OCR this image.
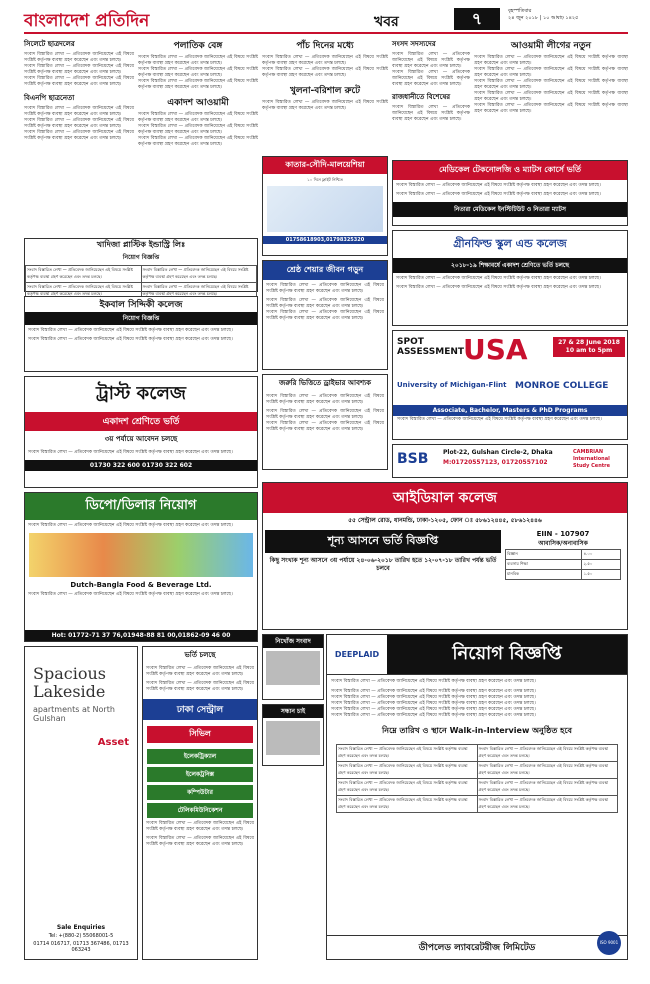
বাংলাদেশ প্রতিদিন	খবর	৭	বৃহস্পতিবার
২৪ জুন ২০১৮ | ১০ আষাঢ় ১৪২৫
সিলেটে ছাত্রদলের
সংবাদ বিস্তারিত লেখা — প্রতিবেদক জানিয়েছেন এই বিষয়ে সংশ্লিষ্ট কর্তৃপক্ষ ব্যবস্থা গ্রহণ করেছেন এবং তদন্ত চলছে।
সংবাদ বিস্তারিত লেখা — প্রতিবেদক জানিয়েছেন এই বিষয়ে সংশ্লিষ্ট কর্তৃপক্ষ ব্যবস্থা গ্রহণ করেছেন এবং তদন্ত চলছে।
সংবাদ বিস্তারিত লেখা — প্রতিবেদক জানিয়েছেন এই বিষয়ে সংশ্লিষ্ট কর্তৃপক্ষ ব্যবস্থা গ্রহণ করেছেন এবং তদন্ত চলছে।
বিএনপি ছাত্রনেতা
সংবাদ বিস্তারিত লেখা — প্রতিবেদক জানিয়েছেন এই বিষয়ে সংশ্লিষ্ট কর্তৃপক্ষ ব্যবস্থা গ্রহণ করেছেন এবং তদন্ত চলছে।
সংবাদ বিস্তারিত লেখা — প্রতিবেদক জানিয়েছেন এই বিষয়ে সংশ্লিষ্ট কর্তৃপক্ষ ব্যবস্থা গ্রহণ করেছেন এবং তদন্ত চলছে।
সংবাদ বিস্তারিত লেখা — প্রতিবেদক জানিয়েছেন এই বিষয়ে সংশ্লিষ্ট কর্তৃপক্ষ ব্যবস্থা গ্রহণ করেছেন এবং তদন্ত চলছে।
পলাতিক বেঙ্গ
সংবাদ বিস্তারিত লেখা — প্রতিবেদক জানিয়েছেন এই বিষয়ে সংশ্লিষ্ট কর্তৃপক্ষ ব্যবস্থা গ্রহণ করেছেন এবং তদন্ত চলছে।
সংবাদ বিস্তারিত লেখা — প্রতিবেদক জানিয়েছেন এই বিষয়ে সংশ্লিষ্ট কর্তৃপক্ষ ব্যবস্থা গ্রহণ করেছেন এবং তদন্ত চলছে।
সংবাদ বিস্তারিত লেখা — প্রতিবেদক জানিয়েছেন এই বিষয়ে সংশ্লিষ্ট কর্তৃপক্ষ ব্যবস্থা গ্রহণ করেছেন এবং তদন্ত চলছে।
একাদশ আওয়ামী
সংবাদ বিস্তারিত লেখা — প্রতিবেদক জানিয়েছেন এই বিষয়ে সংশ্লিষ্ট কর্তৃপক্ষ ব্যবস্থা গ্রহণ করেছেন এবং তদন্ত চলছে।
সংবাদ বিস্তারিত লেখা — প্রতিবেদক জানিয়েছেন এই বিষয়ে সংশ্লিষ্ট কর্তৃপক্ষ ব্যবস্থা গ্রহণ করেছেন এবং তদন্ত চলছে।
সংবাদ বিস্তারিত লেখা — প্রতিবেদক জানিয়েছেন এই বিষয়ে সংশ্লিষ্ট কর্তৃপক্ষ ব্যবস্থা গ্রহণ করেছেন এবং তদন্ত চলছে।
পাঁচ দিনের মধ্যে
সংবাদ বিস্তারিত লেখা — প্রতিবেদক জানিয়েছেন এই বিষয়ে সংশ্লিষ্ট কর্তৃপক্ষ ব্যবস্থা গ্রহণ করেছেন এবং তদন্ত চলছে।
সংবাদ বিস্তারিত লেখা — প্রতিবেদক জানিয়েছেন এই বিষয়ে সংশ্লিষ্ট কর্তৃপক্ষ ব্যবস্থা গ্রহণ করেছেন এবং তদন্ত চলছে।
খুলনা-বরিশাল রুটে
সংবাদ বিস্তারিত লেখা — প্রতিবেদক জানিয়েছেন এই বিষয়ে সংশ্লিষ্ট কর্তৃপক্ষ ব্যবস্থা গ্রহণ করেছেন এবং তদন্ত চলছে।
সংসদ সদস্যদের
সংবাদ বিস্তারিত লেখা — প্রতিবেদক জানিয়েছেন এই বিষয়ে সংশ্লিষ্ট কর্তৃপক্ষ ব্যবস্থা গ্রহণ করেছেন এবং তদন্ত চলছে।
সংবাদ বিস্তারিত লেখা — প্রতিবেদক জানিয়েছেন এই বিষয়ে সংশ্লিষ্ট কর্তৃপক্ষ ব্যবস্থা গ্রহণ করেছেন এবং তদন্ত চলছে।
রাজধানীতে বিশেষের
সংবাদ বিস্তারিত লেখা — প্রতিবেদক জানিয়েছেন এই বিষয়ে সংশ্লিষ্ট কর্তৃপক্ষ ব্যবস্থা গ্রহণ করেছেন এবং তদন্ত চলছে।
আওয়ামী লীগের নতুন
সংবাদ বিস্তারিত লেখা — প্রতিবেদক জানিয়েছেন এই বিষয়ে সংশ্লিষ্ট কর্তৃপক্ষ ব্যবস্থা গ্রহণ করেছেন এবং তদন্ত চলছে।
সংবাদ বিস্তারিত লেখা — প্রতিবেদক জানিয়েছেন এই বিষয়ে সংশ্লিষ্ট কর্তৃপক্ষ ব্যবস্থা গ্রহণ করেছেন এবং তদন্ত চলছে।
সংবাদ বিস্তারিত লেখা — প্রতিবেদক জানিয়েছেন এই বিষয়ে সংশ্লিষ্ট কর্তৃপক্ষ ব্যবস্থা গ্রহণ করেছেন এবং তদন্ত চলছে।
সংবাদ বিস্তারিত লেখা — প্রতিবেদক জানিয়েছেন এই বিষয়ে সংশ্লিষ্ট কর্তৃপক্ষ ব্যবস্থা গ্রহণ করেছেন এবং তদন্ত চলছে।
সংবাদ বিস্তারিত লেখা — প্রতিবেদক জানিয়েছেন এই বিষয়ে সংশ্লিষ্ট কর্তৃপক্ষ ব্যবস্থা গ্রহণ করেছেন এবং তদন্ত চলছে।
কাতার-সৌদি-মালয়েশিয়া
১০ দিনে ফ্লাইট নিশ্চিত
01758618903,01798325320
মেডিকেল টেকনোলজি ও ম্যাটস কোর্সে ভর্তি
সংবাদ বিস্তারিত লেখা — প্রতিবেদক জানিয়েছেন এই বিষয়ে সংশ্লিষ্ট কর্তৃপক্ষ ব্যবস্থা গ্রহণ করেছেন এবং তদন্ত চলছে।
সংবাদ বিস্তারিত লেখা — প্রতিবেদক জানিয়েছেন এই বিষয়ে সংশ্লিষ্ট কর্তৃপক্ষ ব্যবস্থা গ্রহণ করেছেন এবং তদন্ত চলছে।
নিতারা মেডিকেল ইনস্টিটিউট ও নিতারা ম্যাটস
খাদিজা প্লাস্টিক ইন্ডাস্ট্রি লিঃ
নিয়োগ বিজ্ঞপ্তি
সংবাদ বিস্তারিত লেখা — প্রতিবেদক জানিয়েছেন এই বিষয়ে সংশ্লিষ্ট কর্তৃপক্ষ ব্যবস্থা গ্রহণ করেছেন এবং তদন্ত চলছে।	সংবাদ বিস্তারিত লেখা — প্রতিবেদক জানিয়েছেন এই বিষয়ে সংশ্লিষ্ট কর্তৃপক্ষ ব্যবস্থা গ্রহণ করেছেন এবং তদন্ত চলছে।
সংবাদ বিস্তারিত লেখা — প্রতিবেদক জানিয়েছেন এই বিষয়ে সংশ্লিষ্ট কর্তৃপক্ষ ব্যবস্থা গ্রহণ করেছেন এবং তদন্ত চলছে।	সংবাদ বিস্তারিত লেখা — প্রতিবেদক জানিয়েছেন এই বিষয়ে সংশ্লিষ্ট কর্তৃপক্ষ ব্যবস্থা গ্রহণ করেছেন এবং তদন্ত চলছে।
শ্রেষ্ঠ শেয়ার জীবন গড়ুন
সংবাদ বিস্তারিত লেখা — প্রতিবেদক জানিয়েছেন এই বিষয়ে সংশ্লিষ্ট কর্তৃপক্ষ ব্যবস্থা গ্রহণ করেছেন এবং তদন্ত চলছে।
সংবাদ বিস্তারিত লেখা — প্রতিবেদক জানিয়েছেন এই বিষয়ে সংশ্লিষ্ট কর্তৃপক্ষ ব্যবস্থা গ্রহণ করেছেন এবং তদন্ত চলছে।
সংবাদ বিস্তারিত লেখা — প্রতিবেদক জানিয়েছেন এই বিষয়ে সংশ্লিষ্ট কর্তৃপক্ষ ব্যবস্থা গ্রহণ করেছেন এবং তদন্ত চলছে।
গ্রীনফিল্ড স্কুল এন্ড কলেজ
২০১৮-১৯ শিক্ষাবর্ষে একাদশ শ্রেণিতে ভর্তি চলছে
সংবাদ বিস্তারিত লেখা — প্রতিবেদক জানিয়েছেন এই বিষয়ে সংশ্লিষ্ট কর্তৃপক্ষ ব্যবস্থা গ্রহণ করেছেন এবং তদন্ত চলছে।
সংবাদ বিস্তারিত লেখা — প্রতিবেদক জানিয়েছেন এই বিষয়ে সংশ্লিষ্ট কর্তৃপক্ষ ব্যবস্থা গ্রহণ করেছেন এবং তদন্ত চলছে।
ইকবাল সিদ্দিকী কলেজ
নিয়োগ বিজ্ঞপ্তি
সংবাদ বিস্তারিত লেখা — প্রতিবেদক জানিয়েছেন এই বিষয়ে সংশ্লিষ্ট কর্তৃপক্ষ ব্যবস্থা গ্রহণ করেছেন এবং তদন্ত চলছে।
সংবাদ বিস্তারিত লেখা — প্রতিবেদক জানিয়েছেন এই বিষয়ে সংশ্লিষ্ট কর্তৃপক্ষ ব্যবস্থা গ্রহণ করেছেন এবং তদন্ত চলছে।	SPOT ASSESSMENT
USA	27 & 28 June 2018
10 am to 5pm
University of Michigan-Flint MONROE COLLEGE
Associate, Bachelor, Masters & PhD Programs
সংবাদ বিস্তারিত লেখা — প্রতিবেদক জানিয়েছেন এই বিষয়ে সংশ্লিষ্ট কর্তৃপক্ষ ব্যবস্থা গ্রহণ করেছেন এবং তদন্ত চলছে।
জরুরি ভিত্তিতে ড্রাইভার আবশ্যক
সংবাদ বিস্তারিত লেখা — প্রতিবেদক জানিয়েছেন এই বিষয়ে সংশ্লিষ্ট কর্তৃপক্ষ ব্যবস্থা গ্রহণ করেছেন এবং তদন্ত চলছে।
সংবাদ বিস্তারিত লেখা — প্রতিবেদক জানিয়েছেন এই বিষয়ে সংশ্লিষ্ট কর্তৃপক্ষ ব্যবস্থা গ্রহণ করেছেন এবং তদন্ত চলছে।
সংবাদ বিস্তারিত লেখা — প্রতিবেদক জানিয়েছেন এই বিষয়ে সংশ্লিষ্ট কর্তৃপক্ষ ব্যবস্থা গ্রহণ করেছেন এবং তদন্ত চলছে।
BSB Plot-22, Gulshan Circle-2, Dhaka
M:01720557123, 01720557102
CAMBRIAN International Study Centre
ট্রাস্ট কলেজ
একাদশ শ্রেণিতে ভর্তি
৩য় পর্যায়ে আবেদন চলছে
সংবাদ বিস্তারিত লেখা — প্রতিবেদক জানিয়েছেন এই বিষয়ে সংশ্লিষ্ট কর্তৃপক্ষ ব্যবস্থা গ্রহণ করেছেন এবং তদন্ত চলছে।
01730 322 600 01730 322 602
আইডিয়াল কলেজ
৫৫ সেন্ট্রাল রোড, ধানমন্ডি, ঢাকা-১২০৫, ফোন ঃ ৫৮৬১২৪৪৫, ৫৮৬১২৪৪৬
শূন্য আসনে ভর্তি বিজ্ঞপ্তি
কিছু সংখ্যক শূন্য আসনে ৩য় পর্যায়ে ২৪-০৬-২০১৮ তারিখ হতে ১২-০৭-১৮ তারিখ পর্যন্ত ভর্তি চলবে
EIIN - 107907
আবাসিক/অনাবাসিক
বিজ্ঞান	৪.০০
ব্যবসায় শিক্ষা	২.৫০
মানবিক	১.৫০
ডিপো/ডিলার নিয়োগ
সংবাদ বিস্তারিত লেখা — প্রতিবেদক জানিয়েছেন এই বিষয়ে সংশ্লিষ্ট কর্তৃপক্ষ ব্যবস্থা গ্রহণ করেছেন এবং তদন্ত চলছে।
Dutch-Bangla Food & Beverage Ltd.
সংবাদ বিস্তারিত লেখা — প্রতিবেদক জানিয়েছেন এই বিষয়ে সংশ্লিষ্ট কর্তৃপক্ষ ব্যবস্থা গ্রহণ করেছেন এবং তদন্ত চলছে।
Hot: 01772-71 37 76,01948-88 81 00,01862-09 46 00
নিখোঁজ সংবাদ
সন্ধান চাই
DEEPLAID	নিয়োগ বিজ্ঞপ্তি
সংবাদ বিস্তারিত লেখা — প্রতিবেদক জানিয়েছেন এই বিষয়ে সংশ্লিষ্ট কর্তৃপক্ষ ব্যবস্থা গ্রহণ করেছেন এবং তদন্ত চলছে।
সংবাদ বিস্তারিত লেখা — প্রতিবেদক জানিয়েছেন এই বিষয়ে সংশ্লিষ্ট কর্তৃপক্ষ ব্যবস্থা গ্রহণ করেছেন এবং তদন্ত চলছে।
সংবাদ বিস্তারিত লেখা — প্রতিবেদক জানিয়েছেন এই বিষয়ে সংশ্লিষ্ট কর্তৃপক্ষ ব্যবস্থা গ্রহণ করেছেন এবং তদন্ত চলছে।
সংবাদ বিস্তারিত লেখা — প্রতিবেদক জানিয়েছেন এই বিষয়ে সংশ্লিষ্ট কর্তৃপক্ষ ব্যবস্থা গ্রহণ করেছেন এবং তদন্ত চলছে।
সংবাদ বিস্তারিত লেখা — প্রতিবেদক জানিয়েছেন এই বিষয়ে সংশ্লিষ্ট কর্তৃপক্ষ ব্যবস্থা গ্রহণ করেছেন এবং তদন্ত চলছে।
সংবাদ বিস্তারিত লেখা — প্রতিবেদক জানিয়েছেন এই বিষয়ে সংশ্লিষ্ট কর্তৃপক্ষ ব্যবস্থা গ্রহণ করেছেন এবং তদন্ত চলছে।
নিম্নে তারিখ ও স্থানে Walk-in-Interview অনুষ্ঠিত হবে
সংবাদ বিস্তারিত লেখা — প্রতিবেদক জানিয়েছেন এই বিষয়ে সংশ্লিষ্ট কর্তৃপক্ষ ব্যবস্থা গ্রহণ করেছেন এবং তদন্ত চলছে।	সংবাদ বিস্তারিত লেখা — প্রতিবেদক জানিয়েছেন এই বিষয়ে সংশ্লিষ্ট কর্তৃপক্ষ ব্যবস্থা গ্রহণ করেছেন এবং তদন্ত চলছে।
সংবাদ বিস্তারিত লেখা — প্রতিবেদক জানিয়েছেন এই বিষয়ে সংশ্লিষ্ট কর্তৃপক্ষ ব্যবস্থা গ্রহণ করেছেন এবং তদন্ত চলছে।	সংবাদ বিস্তারিত লেখা — প্রতিবেদক জানিয়েছেন এই বিষয়ে সংশ্লিষ্ট কর্তৃপক্ষ ব্যবস্থা গ্রহণ করেছেন এবং তদন্ত চলছে।
সংবাদ বিস্তারিত লেখা — প্রতিবেদক জানিয়েছেন এই বিষয়ে সংশ্লিষ্ট কর্তৃপক্ষ ব্যবস্থা গ্রহণ করেছেন এবং তদন্ত চলছে।	সংবাদ বিস্তারিত লেখা — প্রতিবেদক জানিয়েছেন এই বিষয়ে সংশ্লিষ্ট কর্তৃপক্ষ ব্যবস্থা গ্রহণ করেছেন এবং তদন্ত চলছে।
সংবাদ বিস্তারিত লেখা — প্রতিবেদক জানিয়েছেন এই বিষয়ে সংশ্লিষ্ট কর্তৃপক্ষ ব্যবস্থা গ্রহণ করেছেন এবং তদন্ত চলছে।	সংবাদ বিস্তারিত লেখা — প্রতিবেদক জানিয়েছেন এই বিষয়ে সংশ্লিষ্ট কর্তৃপক্ষ ব্যবস্থা গ্রহণ করেছেন এবং তদন্ত চলছে।
ডীপলেড ল্যাবরেটরীজ লিমিটেড
ISO 9001
ভর্তি চলছে
সংবাদ বিস্তারিত লেখা — প্রতিবেদক জানিয়েছেন এই বিষয়ে সংশ্লিষ্ট কর্তৃপক্ষ ব্যবস্থা গ্রহণ করেছেন এবং তদন্ত চলছে।
সংবাদ বিস্তারিত লেখা — প্রতিবেদক জানিয়েছেন এই বিষয়ে সংশ্লিষ্ট কর্তৃপক্ষ ব্যবস্থা গ্রহণ করেছেন এবং তদন্ত চলছে।
ঢাকা সেন্ট্রাল
সিভিল
ইলেকট্রিক্যাল
ইলেকট্রনিক্স
কম্পিউটার
টেলিকমিউনিকেশন
সংবাদ বিস্তারিত লেখা — প্রতিবেদক জানিয়েছেন এই বিষয়ে সংশ্লিষ্ট কর্তৃপক্ষ ব্যবস্থা গ্রহণ করেছেন এবং তদন্ত চলছে।
সংবাদ বিস্তারিত লেখা — প্রতিবেদক জানিয়েছেন এই বিষয়ে সংশ্লিষ্ট কর্তৃপক্ষ ব্যবস্থা গ্রহণ করেছেন এবং তদন্ত চলছে।
Spacious Lakeside
apartments at North Gulshan
Asset
Sale Enquiries
Tel: +(880-2) 55068001-5
01714 016717, 01713 367486, 01713 063243
